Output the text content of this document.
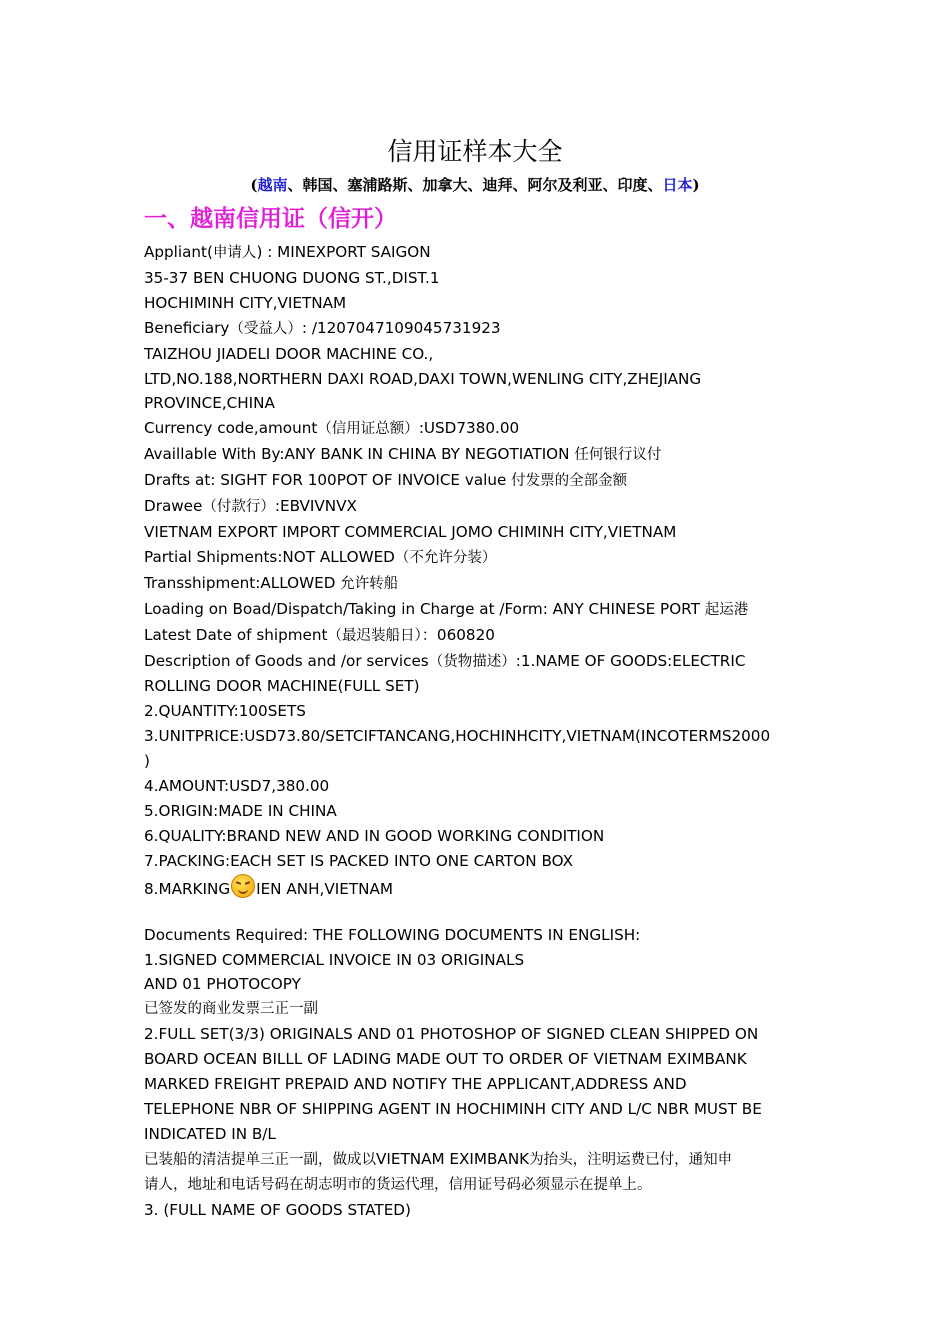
信用证样本大全
(越南、韩国、塞浦路斯、加拿大、迪拜、阿尔及利亚、印度、日本)
一、越南信用证（信开）
Appliant(申请人) : MINEXPORT SAIGON
35-37 BEN CHUONG DUONG ST.,DIST.1
HOCHIMINH CITY,VIETNAM
Beneficiary（受益人）: /1207047109045731923
TAIZHOU JIADELI DOOR MACHINE CO.,
LTD,NO.188,NORTHERN DAXI ROAD,DAXI TOWN,WENLING CITY,ZHEJIANG
PROVINCE,CHINA
Currency code,amount（信用证总额）:USD7380.00
Availlable With By:ANY BANK IN CHINA BY NEGOTIATION 任何银行议付
Drafts at: SIGHT FOR 100POT OF INVOICE value 付发票的全部金额
Drawee（付款行）:EBVIVNVX
VIETNAM EXPORT IMPORT COMMERCIAL JOMO CHIMINH CITY,VIETNAM
Partial Shipments:NOT ALLOWED（不允许分装）
Transshipment:ALLOWED 允许转船
Loading on Boad/Dispatch/Taking in Charge at /Form: ANY CHINESE PORT 起运港
Latest Date of shipment（最迟装船日）：060820
Description of Goods and /or services（货物描述）:1.NAME OF GOODS:ELECTRIC
ROLLING DOOR MACHINE(FULL SET)
2.QUANTITY:100SETS
3.UNITPRICE:USD73.80/SETCIFTANCANG,HOCHINHCITY,VIETNAM(INCOTERMS2000
)
4.AMOUNT:USD7,380.00
5.ORIGIN:MADE IN CHINA
6.QUALITY:BRAND NEW AND IN GOOD WORKING CONDITION
7.PACKING:EACH SET IS PACKED INTO ONE CARTON BOX
8.MARKING IEN ANH,VIETNAM
Documents Required: THE FOLLOWING DOCUMENTS IN ENGLISH:
1.SIGNED COMMERCIAL INVOICE IN 03 ORIGINALS
AND 01 PHOTOCOPY
已签发的商业发票三正一副
2.FULL SET(3/3) ORIGINALS AND 01 PHOTOSHOP OF SIGNED CLEAN SHIPPED ON
BOARD OCEAN BILLL OF LADING MADE OUT TO ORDER OF VIETNAM EXIMBANK
MARKED FREIGHT PREPAID AND NOTIFY THE APPLICANT,ADDRESS AND
TELEPHONE NBR OF SHIPPING AGENT IN HOCHIMINH CITY AND L/C NBR MUST BE
INDICATED IN B/L
已装船的清洁提单三正一副，做成以VIETNAM EXIMBANK为抬头，注明运费已付，通知申
请人，地址和电话号码在胡志明市的货运代理，信用证号码必须显示在提单上。
3. (FULL NAME OF GOODS STATED)
